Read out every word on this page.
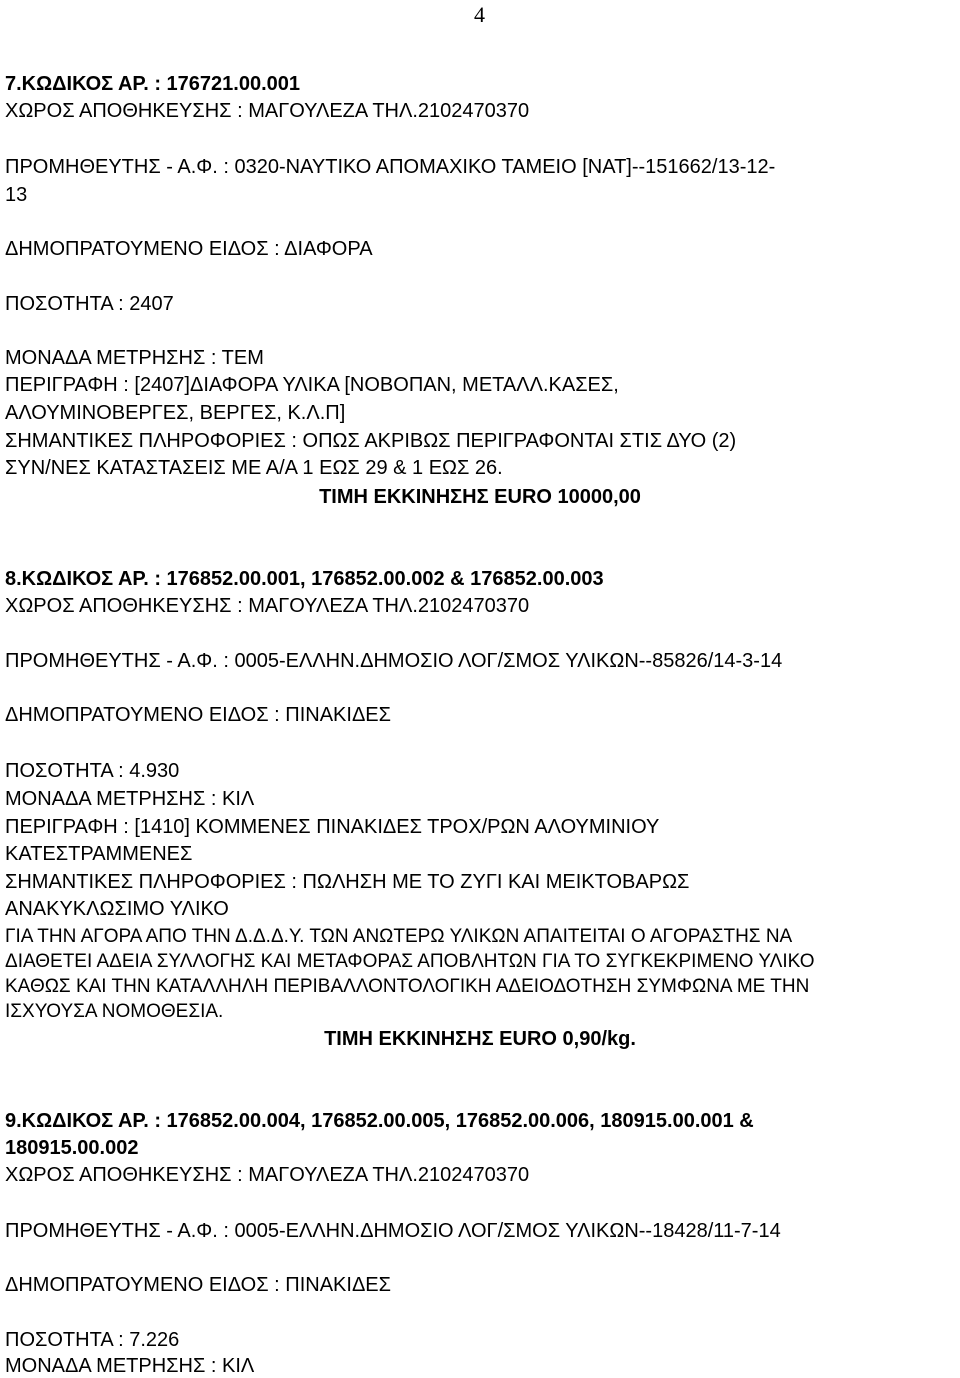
4
7.ΚΩΔΙΚΟΣ ΑΡ. : 176721.00.001
ΧΩΡΟΣ ΑΠΟΘΗΚΕΥΣΗΣ : ΜΑΓΟΥΛΕΖΑ ΤΗΛ.2102470370
ΠΡΟΜΗΘΕΥΤΗΣ - Α.Φ. : 0320-ΝΑΥΤΙΚΟ ΑΠΟΜΑΧΙΚΟ ΤΑΜΕΙΟ [ΝΑΤ]--151662/13-12-
13
ΔΗΜΟΠΡΑΤΟΥΜΕΝΟ ΕΙΔΟΣ : ΔΙΑΦΟΡΑ
ΠΟΣΟΤΗΤΑ : 2407
ΜΟΝΑΔΑ ΜΕΤΡΗΣΗΣ : ΤΕΜ
ΠΕΡΙΓΡΑΦΗ : [2407]ΔΙΑΦΟΡΑ ΥΛΙΚΑ [ΝΟΒΟΠΑΝ, ΜΕΤΑΛΛ.ΚΑΣΕΣ,
ΑΛΟΥΜΙΝΟΒΕΡΓΕΣ, ΒΕΡΓΕΣ, Κ.Λ.Π]
ΣΗΜΑΝΤΙΚΕΣ ΠΛΗΡΟΦΟΡΙΕΣ : ΟΠΩΣ ΑΚΡΙΒΩΣ ΠΕΡΙΓΡΑΦΟΝΤΑΙ ΣΤΙΣ ΔΥΟ (2)
ΣΥΝ/ΝΕΣ ΚΑΤΑΣΤΑΣΕΙΣ ΜΕ Α/Α 1 ΕΩΣ 29 & 1 ΕΩΣ 26.
ΤΙΜΗ ΕΚΚΙΝΗΣΗΣ EURO 10000,00
8.ΚΩΔΙΚΟΣ ΑΡ. : 176852.00.001, 176852.00.002 & 176852.00.003
ΧΩΡΟΣ ΑΠΟΘΗΚΕΥΣΗΣ : ΜΑΓΟΥΛΕΖΑ ΤΗΛ.2102470370
ΠΡΟΜΗΘΕΥΤΗΣ - Α.Φ. : 0005-ΕΛΛΗΝ.ΔΗΜΟΣΙΟ ΛΟΓ/ΣΜΟΣ ΥΛΙΚΩΝ--85826/14-3-14
ΔΗΜΟΠΡΑΤΟΥΜΕΝΟ ΕΙΔΟΣ : ΠΙΝΑΚΙΔΕΣ
ΠΟΣΟΤΗΤΑ : 4.930
ΜΟΝΑΔΑ ΜΕΤΡΗΣΗΣ : ΚΙΛ
ΠΕΡΙΓΡΑΦΗ : [1410] ΚΟΜΜΕΝΕΣ ΠΙΝΑΚΙΔΕΣ ΤΡΟΧ/ΡΩΝ ΑΛΟΥΜΙΝΙΟΥ
ΚΑΤΕΣΤΡΑΜΜΕΝΕΣ
ΣΗΜΑΝΤΙΚΕΣ ΠΛΗΡΟΦΟΡΙΕΣ : ΠΩΛΗΣΗ ΜΕ ΤΟ ΖΥΓΙ ΚΑΙ ΜΕΙΚΤΟΒΑΡΩΣ
ΑΝΑΚΥΚΛΩΣΙΜΟ ΥΛΙΚΟ
ΓΙΑ ΤΗΝ ΑΓΟΡΑ ΑΠΟ ΤΗΝ Δ.Δ.Δ.Υ. ΤΩΝ ΑΝΩΤΕΡΩ ΥΛΙΚΩΝ ΑΠΑΙΤΕΙΤΑΙ Ο ΑΓΟΡΑΣΤΗΣ ΝΑ
ΔΙΑΘΕΤΕΙ ΑΔΕΙΑ ΣΥΛΛΟΓΗΣ ΚΑΙ ΜΕΤΑΦΟΡΑΣ ΑΠΟΒΛΗΤΩΝ ΓΙΑ ΤΟ ΣΥΓΚΕΚΡΙΜΕΝΟ ΥΛΙΚΟ
ΚΑΘΩΣ ΚΑΙ ΤΗΝ ΚΑΤΑΛΛΗΛΗ ΠΕΡΙΒΑΛΛΟΝΤΟΛΟΓΙΚΗ ΑΔΕΙΟΔΟΤΗΣΗ ΣΥΜΦΩΝΑ ΜΕ ΤΗΝ
ΙΣΧΥΟΥΣΑ ΝΟΜΟΘΕΣΙΑ.
ΤΙΜΗ ΕΚΚΙΝΗΣΗΣ EURO 0,90/kg.
9.ΚΩΔΙΚΟΣ ΑΡ. : 176852.00.004, 176852.00.005, 176852.00.006, 180915.00.001 &
180915.00.002
ΧΩΡΟΣ ΑΠΟΘΗΚΕΥΣΗΣ : ΜΑΓΟΥΛΕΖΑ ΤΗΛ.2102470370
ΠΡΟΜΗΘΕΥΤΗΣ - Α.Φ. : 0005-ΕΛΛΗΝ.ΔΗΜΟΣΙΟ ΛΟΓ/ΣΜΟΣ ΥΛΙΚΩΝ--18428/11-7-14
ΔΗΜΟΠΡΑΤΟΥΜΕΝΟ ΕΙΔΟΣ : ΠΙΝΑΚΙΔΕΣ
ΠΟΣΟΤΗΤΑ : 7.226
ΜΟΝΑΔΑ ΜΕΤΡΗΣΗΣ : ΚΙΛ
